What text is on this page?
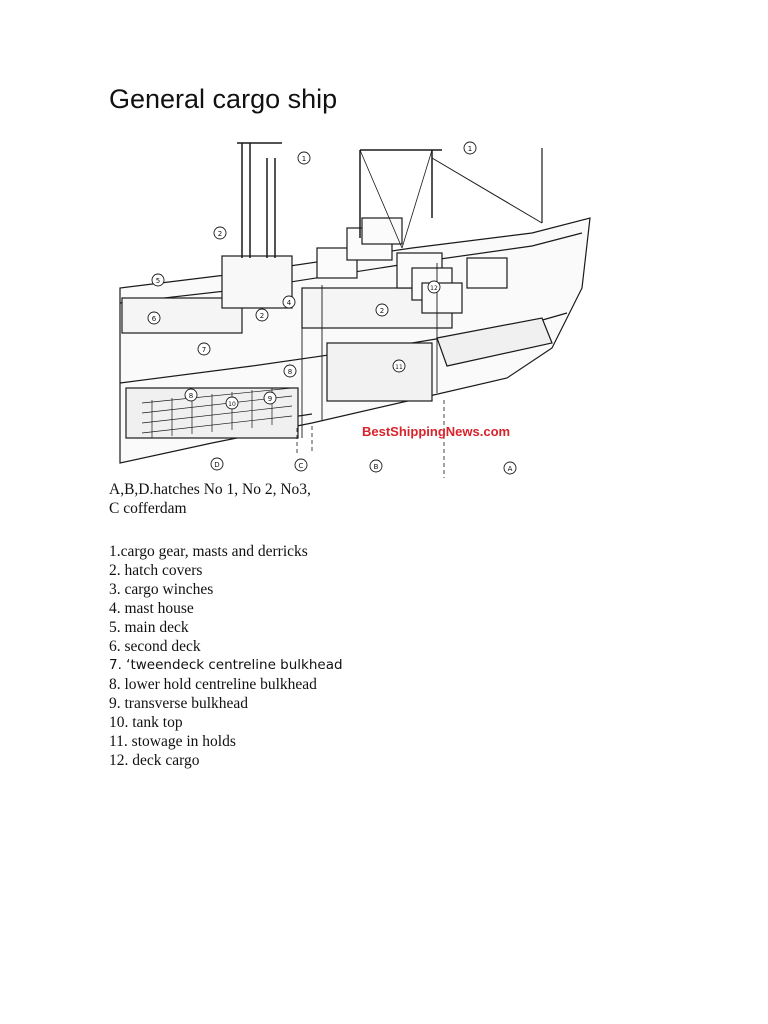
General cargo ship
1
1
2
2
2
4
5
6
7
8
8
9
10
11
12
D	C	B	A
BestShippingNews.com
A,B,D.hatches No 1, No 2, No3,
C cofferdam
1.cargo gear, masts and derricks
2. hatch covers
3. cargo winches
4. mast house
5. main deck
6. second deck
7. ‘tweendeck centreline bulkhead
8. lower hold centreline bulkhead
9. transverse bulkhead
10. tank top
11. stowage in holds
12. deck cargo
